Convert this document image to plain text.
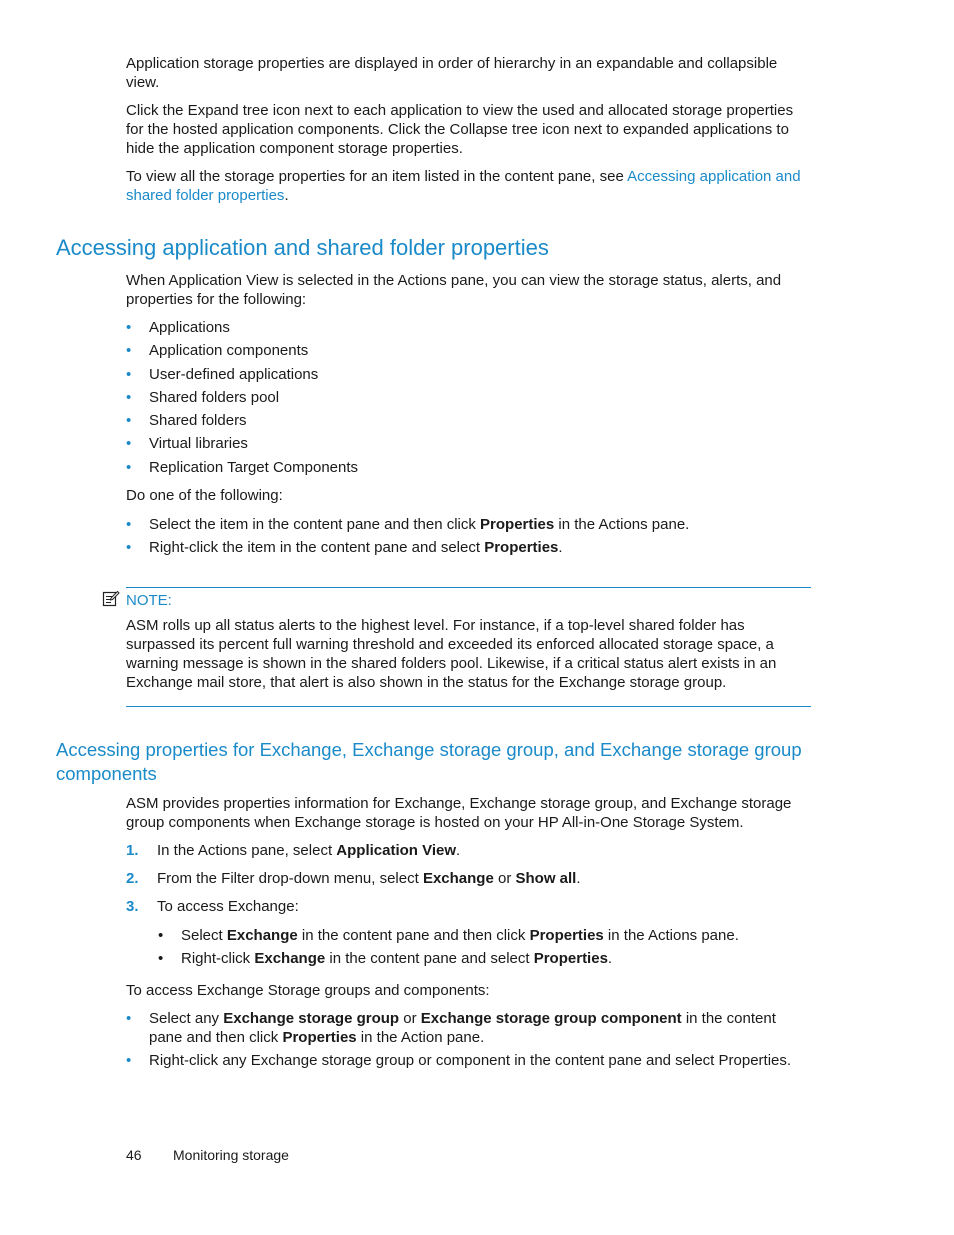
Application storage properties are displayed in order of hierarchy in an expandable and collapsible view.

Click the Expand tree icon next to each application to view the used and allocated storage properties for the hosted application components. Click the Collapse tree icon next to expanded applications to hide the application component storage properties.

To view all the storage properties for an item listed in the content pane, see Accessing application and shared folder properties.

Accessing application and shared folder properties

When Application View is selected in the Actions pane, you can view the storage status, alerts, and properties for the following:

• Applications
• Application components
• User-defined applications
• Shared folders pool
• Shared folders
• Virtual libraries
• Replication Target Components

Do one of the following:

• Select the item in the content pane and then click Properties in the Actions pane.
• Right-click the item in the content pane and select Properties.
NOTE:

ASM rolls up all status alerts to the highest level. For instance, if a top-level shared folder has surpassed its percent full warning threshold and exceeded its enforced allocated storage space, a warning message is shown in the shared folders pool. Likewise, if a critical status alert exists in an Exchange mail store, that alert is also shown in the status for the Exchange storage group.

Accessing properties for Exchange, Exchange storage group, and Exchange storage group components

ASM provides properties information for Exchange, Exchange storage group, and Exchange storage group components when Exchange storage is hosted on your HP All-in-One Storage System.

1. In the Actions pane, select Application View.
2. From the Filter drop-down menu, select Exchange or Show all.
3. To access Exchange:
• Select Exchange in the content pane and then click Properties in the Actions pane.
• Right-click Exchange in the content pane and select Properties.

To access Exchange Storage groups and components:

• Select any Exchange storage group or Exchange storage group component in the content pane and then click Properties in the Action pane.
• Right-click any Exchange storage group or component in the content pane and select Properties.
46 Monitoring storage
